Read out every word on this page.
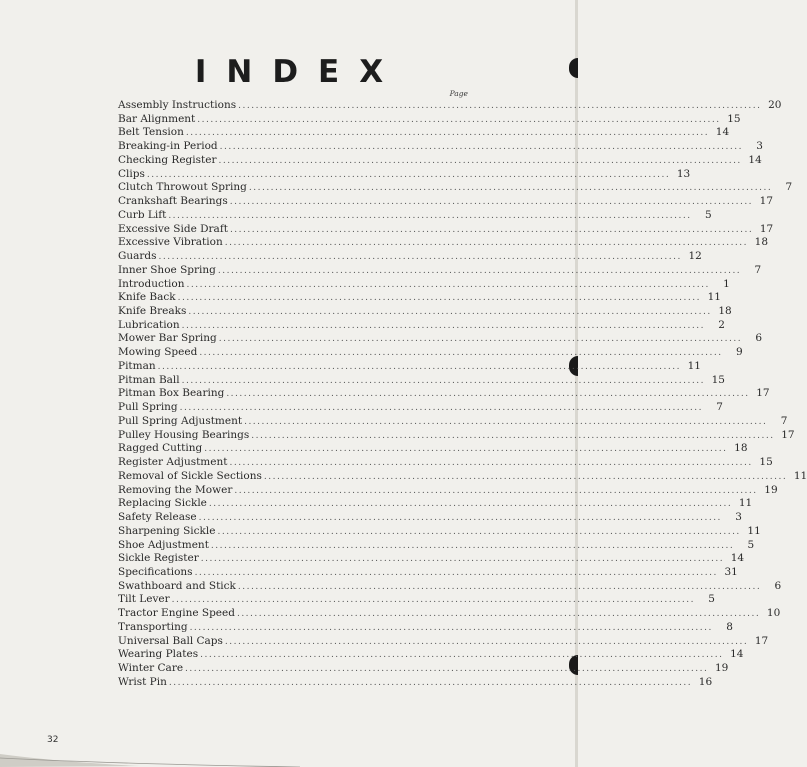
INDEX
Page
Assembly Instructions ........................................................................................................................ 20
Bar Alignment ........................................................................................................................ 15
Belt Tension ........................................................................................................................ 14
Breaking-in Period ........................................................................................................................	3
Checking Register ........................................................................................................................ 14
Clips ........................................................................................................................ 13
Clutch Throwout Spring ........................................................................................................................	7
Crankshaft Bearings ........................................................................................................................ 17
Curb Lift ........................................................................................................................	5
Excessive Side Draft ........................................................................................................................ 17
Excessive Vibration ........................................................................................................................ 18
Guards ........................................................................................................................ 12
Inner Shoe Spring ........................................................................................................................	7
Introduction ........................................................................................................................	1
Knife Back ........................................................................................................................ 11
Knife Breaks ........................................................................................................................ 18
Lubrication ........................................................................................................................	2
Mower Bar Spring ........................................................................................................................	6
Mowing Speed ........................................................................................................................	9
Pitman ........................................................................................................................ 11
Pitman Ball ........................................................................................................................ 15
Pitman Box Bearing ........................................................................................................................ 17
Pull Spring ........................................................................................................................	7
Pull Spring Adjustment ........................................................................................................................	7
Pulley Housing Bearings ........................................................................................................................ 17
Ragged Cutting ........................................................................................................................ 18
Register Adjustment ........................................................................................................................ 15
Removal of Sickle Sections ........................................................................................................................ 11
Removing the Mower ........................................................................................................................ 19
Replacing Sickle ........................................................................................................................ 11
Safety Release ........................................................................................................................	3
Sharpening Sickle ........................................................................................................................ 11
Shoe Adjustment ........................................................................................................................	5
Sickle Register ........................................................................................................................ 14
Specifications ........................................................................................................................ 31
Swathboard and Stick ........................................................................................................................	6
Tilt Lever ........................................................................................................................	5
Tractor Engine Speed ........................................................................................................................ 10
Transporting ........................................................................................................................	8
Universal Ball Caps ........................................................................................................................ 17
Wearing Plates ........................................................................................................................ 14
Winter Care ........................................................................................................................ 19
Wrist Pin ........................................................................................................................ 16
32
